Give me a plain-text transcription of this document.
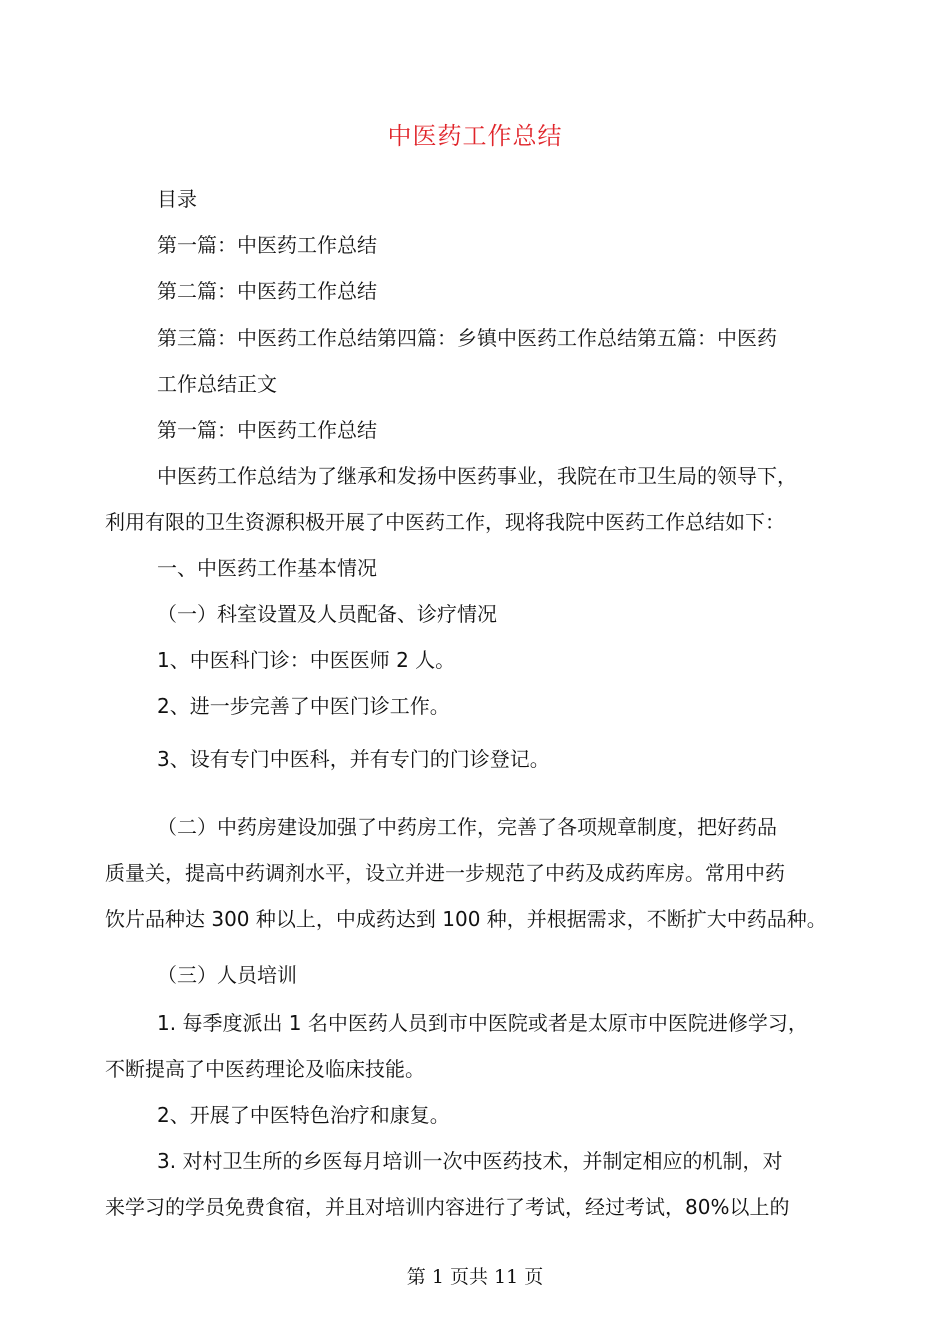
中医药工作总结

目录

第一篇：中医药工作总结

第二篇：中医药工作总结

第三篇：中医药工作总结第四篇：乡镇中医药工作总结第五篇：中医药

工作总结正文

第一篇：中医药工作总结

中医药工作总结为了继承和发扬中医药事业，我院在市卫生局的领导下，

利用有限的卫生资源积极开展了中医药工作，现将我院中医药工作总结如下：

一、中医药工作基本情况

（一）科室设置及人员配备、诊疗情况

1、中医科门诊：中医医师 2 人。

2、进一步完善了中医门诊工作。

3、设有专门中医科，并有专门的门诊登记。

（二）中药房建设加强了中药房工作，完善了各项规章制度，把好药品

质量关，提高中药调剂水平，设立并进一步规范了中药及成药库房。常用中药

饮片品种达 300 种以上，中成药达到 100 种，并根据需求，不断扩大中药品种。

（三）人员培训

1. 每季度派出 1 名中医药人员到市中医院或者是太原市中医院进修学习，

不断提高了中医药理论及临床技能。

2、开展了中医特色治疗和康复。

3. 对村卫生所的乡医每月培训一次中医药技术，并制定相应的机制，对

来学习的学员免费食宿，并且对培训内容进行了考试，经过考试，80%以上的

第 1 页共 11 页
